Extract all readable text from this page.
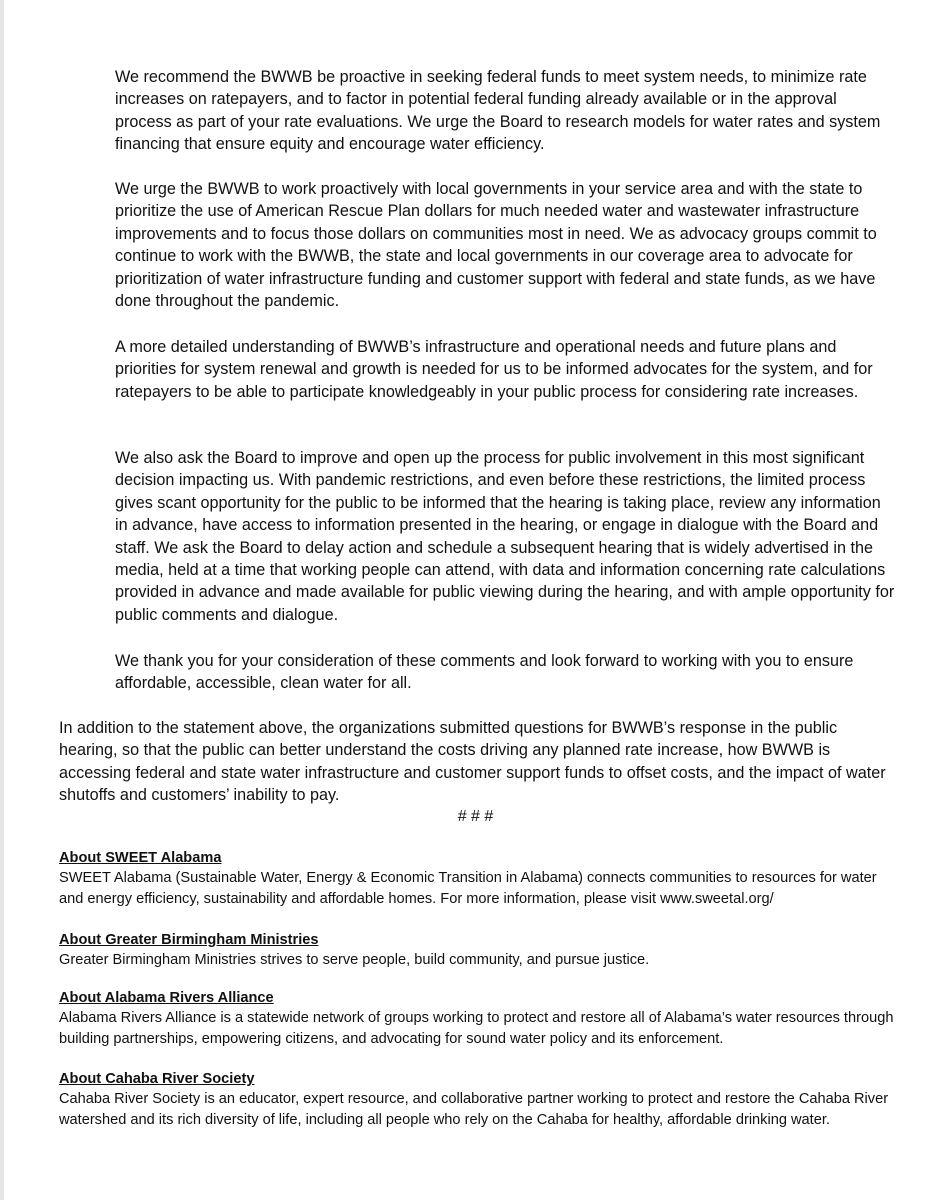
We recommend the BWWB be proactive in seeking federal funds to meet system needs, to minimize rate increases on ratepayers, and to factor in potential federal funding already available or in the approval process as part of your rate evaluations. We urge the Board to research models for water rates and system financing that ensure equity and encourage water efficiency.

We urge the BWWB to work proactively with local governments in your service area and with the state to prioritize the use of American Rescue Plan dollars for much needed water and wastewater infrastructure improvements and to focus those dollars on communities most in need. We as advocacy groups commit to continue to work with the BWWB, the state and local governments in our coverage area to advocate for prioritization of water infrastructure funding and customer support with federal and state funds, as we have done throughout the pandemic.

A more detailed understanding of BWWB’s infrastructure and operational needs and future plans and priorities for system renewal and growth is needed for us to be informed advocates for the system, and for ratepayers to be able to participate knowledgeably in your public process for considering rate increases.

We also ask the Board to improve and open up the process for public involvement in this most significant decision impacting us. With pandemic restrictions, and even before these restrictions, the limited process gives scant opportunity for the public to be informed that the hearing is taking place, review any information in advance, have access to information presented in the hearing, or engage in dialogue with the Board and staff. We ask the Board to delay action and schedule a subsequent hearing that is widely advertised in the media, held at a time that working people can attend, with data and information concerning rate calculations provided in advance and made available for public viewing during the hearing, and with ample opportunity for public comments and dialogue.

We thank you for your consideration of these comments and look forward to working with you to ensure affordable, accessible, clean water for all.

In addition to the statement above, the organizations submitted questions for BWWB’s response in the public hearing, so that the public can better understand the costs driving any planned rate increase, how BWWB is accessing federal and state water infrastructure and customer support funds to offset costs, and the impact of water shutoffs and customers’ inability to pay.

# # #

About SWEET Alabama

SWEET Alabama (Sustainable Water, Energy & Economic Transition in Alabama) connects communities to resources for water and energy efficiency, sustainability and affordable homes. For more information, please visit www.sweetal.org/

About Greater Birmingham Ministries

Greater Birmingham Ministries strives to serve people, build community, and pursue justice.

About Alabama Rivers Alliance

Alabama Rivers Alliance is a statewide network of groups working to protect and restore all of Alabama’s water resources through building partnerships, empowering citizens, and advocating for sound water policy and its enforcement.

About Cahaba River Society

Cahaba River Society is an educator, expert resource, and collaborative partner working to protect and restore the Cahaba River watershed and its rich diversity of life, including all people who rely on the Cahaba for healthy, affordable drinking water.
